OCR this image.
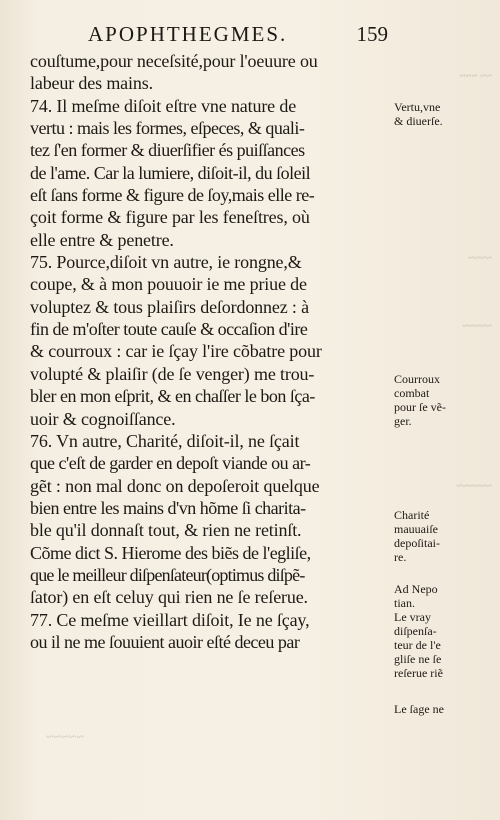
APOPHTHEGMES.	159
couſtume,pour neceſsité,pour l'oeuure ou
labeur des mains.
74. Il meſme diſoit eſtre vne nature de
vertu : mais les formes, eſpeces, & quali-
tez ſ'en former & diuerſifier és puiſſances
de l'ame. Car la lumiere, diſoit-il, du ſoleil
eſt ſans forme & figure de ſoy,mais elle re-
çoit forme & figure par les feneſtres, où
elle entre & penetre.
75. Pource,diſoit vn autre, ie rongne,&
coupe, & à mon pouuoir ie me priue de
voluptez & tous plaiſirs deſordonnez : à
fin de m'oſter toute cauſe & occaſion d'ire
& courroux : car ie ſçay l'ire cõbatre pour
volupté & plaiſir (de ſe venger) me trou-
bler en mon eſprit, & en chaſſer le bon ſça-
uoir & cognoiſſance.
76. Vn autre, Charité, diſoit-il, ne ſçait
que c'eſt de garder en depoſt viande ou ar-
gẽt : non mal donc on depoſeroit quelque
bien entre les mains d'vn hõme ſi charita-
ble qu'il donnaſt tout, & rien ne retinſt.
Cõme dict S. Hierome des biẽs de l'egliſe,
que le meilleur diſpenſateur(optimus diſpẽ-
ſator) en eſt celuy qui rien ne ſe reſerue.
77. Ce meſme vieillart diſoit, Ie ne ſçay,
ou il ne me ſouuient auoir eſté deceu par
Vertu,vne
& diuerſe.
Courroux
combat
pour ſe vẽ-
ger.
Charité
mauuaiſe
depoſitai-
re.
Ad Nepo
tian.
Le vray
diſpenſa-
teur de l'e
gliſe ne ſe
reſerue riẽ
Le ſage ne
~~ ~~~
~~~~
~~~~~
~~~~~~
~~~~~
